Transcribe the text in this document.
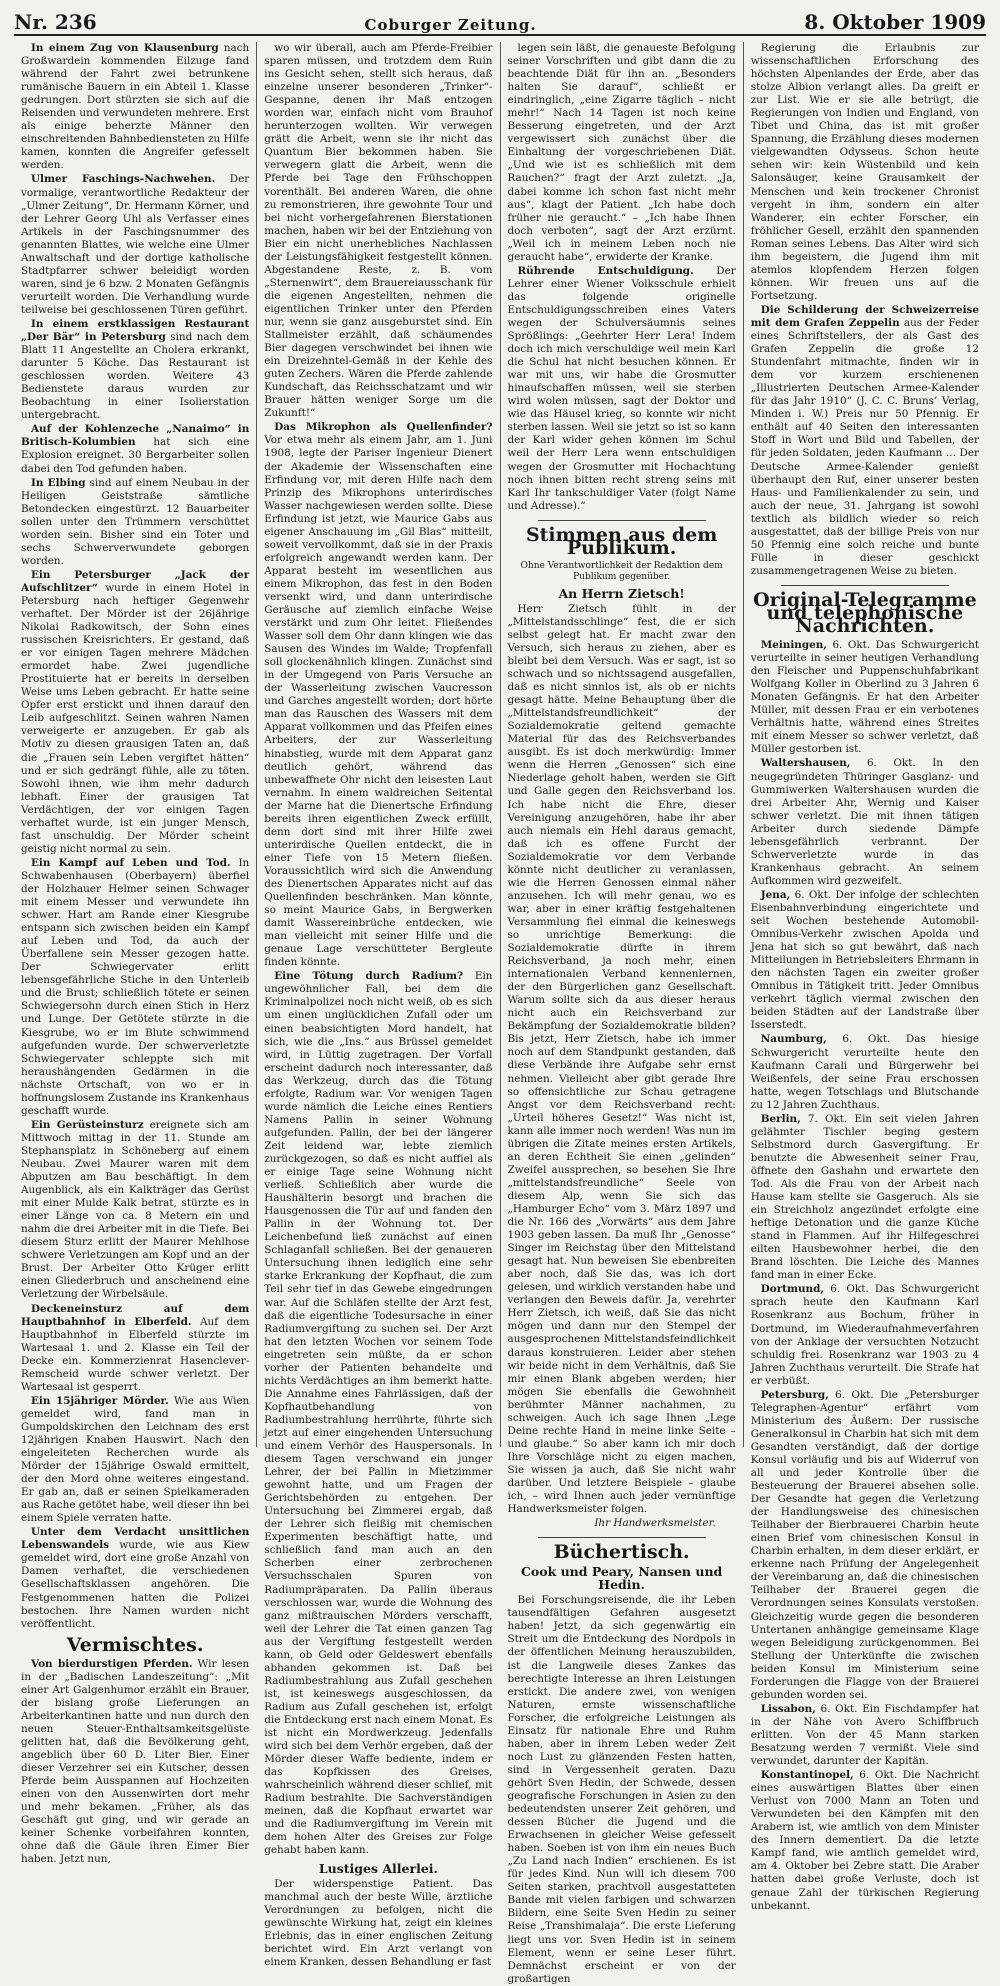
Nr. 236	Coburger Zeitung.	8. Oktober 1909

In einem Zug von Klausenburg nach Großwardein kommenden Eilzuge fand während der Fahrt zwei betrunkene rumänische Bauern in ein Abteil 1. Klasse gedrungen. Dort stürzten sie sich auf die Reisenden und verwundeten mehrere. Erst als einige beherzte Männer den einschreitenden Bahnbediensteten zu Hilfe kamen, konnten die Angreifer gefesselt werden.

Ulmer Faschings-Nachwehen. Der vormalige, verantwortliche Redakteur der „Ulmer Zeitung“, Dr. Hermann Körner, und der Lehrer Georg Uhl als Verfasser eines Artikels in der Faschingsnummer des genannten Blattes, wie welche eine Ulmer Anwaltschaft und der dortige katholische Stadtpfarrer schwer beleidigt worden waren, sind je 6 bzw. 2 Monaten Gefängnis verurteilt worden. Die Verhandlung wurde teilweise bei geschlossenen Türen geführt.

In einem erstklassigen Restaurant „Der Bär“ in Petersburg sind nach dem Blatt 11 Angestellte an Cholera erkrankt, darunter 5 Köche. Das Restaurant ist geschlossen worden. Weitere 43 Bedienstete daraus wurden zur Beobachtung in einer Isolierstation untergebracht.

Auf der Kohlenzeche „Nanaimo“ in Britisch-Kolumbien hat sich eine Explosion ereignet. 30 Bergarbeiter sollen dabei den Tod gefunden haben.

In Elbing sind auf einem Neubau in der Heiligen Geiststraße sämtliche Betondecken eingestürzt. 12 Bauarbeiter sollen unter den Trümmern verschüttet worden sein. Bisher sind ein Toter und sechs Schwerverwundete geborgen worden.

Ein Petersburger „Jack der Aufschlitzer“ wurde in einem Hotel in Petersburg nach heftiger Gegenwehr verhaftet. Der Mörder ist der 26jährige Nikolai Radkowitsch, der Sohn eines russischen Kreisrichters. Er gestand, daß er vor einigen Tagen mehrere Mädchen ermordet habe. Zwei jugendliche Prostituierte hat er bereits in derselben Weise ums Leben gebracht. Er hatte seine Opfer erst erstickt und ihnen darauf den Leib aufgeschlitzt. Seinen wahren Namen verweigerte er anzugeben. Er gab als Motiv zu diesen grausigen Taten an, daß die „Frauen sein Leben vergiftet hätten“ und er sich gedrängt fühle, alle zu töten. Sowohl ihnen, wie ihm mehr dadurch lebhaft. Einer der grausigen Tat Verdächtigen, der vor einigen Tagen verhaftet wurde, ist ein junger Mensch, fast unschuldig. Der Mörder scheint geistig nicht normal zu sein.

Ein Kampf auf Leben und Tod. In Schwabenhausen (Oberbayern) überfiel der Holzhauer Helmer seinen Schwager mit einem Messer und verwundete ihn schwer. Hart am Rande einer Kiesgrube entspann sich zwischen beiden ein Kampf auf Leben und Tod, da auch der Überfallene sein Messer gezogen hatte. Der Schwiegervater erlitt lebensgefährliche Stiche in den Unterleib und die Brust; schließlich tötete er seinen Schwiegersohn durch einen Stich in Herz und Lunge. Der Getötete stürzte in die Kiesgrube, wo er im Blute schwimmend aufgefunden wurde. Der schwerverletzte Schwiegervater schleppte sich mit heraushängenden Gedärmen in die nächste Ortschaft, von wo er in hoffnungslosem Zustande ins Krankenhaus geschafft wurde.

Ein Gerüsteinsturz ereignete sich am Mittwoch mittag in der 11. Stunde am Stephansplatz in Schöneberg auf einem Neubau. Zwei Maurer waren mit dem Abputzen am Bau beschäftigt. In dem Augenblick, als ein Kalkträger das Gerüst mit einer Mulde Kalk betrat, stürzte es in einer Länge von ca. 8 Metern ein und nahm die drei Arbeiter mit in die Tiefe. Bei diesem Sturz erlitt der Maurer Mehlhose schwere Verletzungen am Kopf und an der Brust. Der Arbeiter Otto Krüger erlitt einen Gliederbruch und anscheinend eine Verletzung der Wirbelsäule.

Deckeneinsturz auf dem Hauptbahnhof in Elberfeld. Auf dem Hauptbahnhof in Elberfeld stürzte im Wartesaal 1. und 2. Klasse ein Teil der Decke ein. Kommerzienrat Hasenclever-Remscheid wurde schwer verletzt. Der Wartesaal ist gesperrt.

Ein 15jähriger Mörder. Wie aus Wien gemeldet wird, fand man in Gumpoldskirchen den Leichnam des erst 12jährigen Knaben Hauswirt. Nach den eingeleiteten Recherchen wurde als Mörder der 15jährige Oswald ermittelt, der den Mord ohne weiteres eingestand. Er gab an, daß er seinen Spielkameraden aus Rache getötet habe, weil dieser ihn bei einem Spiele verraten hatte.

Unter dem Verdacht unsittlichen Lebenswandels wurde, wie aus Kiew gemeldet wird, dort eine große Anzahl von Damen verhaftet, die verschiedenen Gesellschaftsklassen angehören. Die Festgenommenen hatten die Polizei bestochen. Ihre Namen wurden nicht veröffentlicht.

Vermischtes.

Von bierdurstigen Pferden. Wir lesen in der „Badischen Landeszeitung“: „Mit einer Art Galgenhumor erzählt ein Brauer, der bislang große Lieferungen an Arbeiterkantinen hatte und nun durch den neuen Steuer-Enthaltsamkeitsgelüste gelitten hat, daß die Bevölkerung geht, angeblich über 60 D. Liter Bier. Einer dieser Verzehrer sei ein Kutscher, dessen Pferde beim Ausspannen auf Hochzeiten einen von den Aussenwirten dort mehr und mehr bekamen. „Früher, als das Geschäft gut ging, und wir gerade an keiner Schenke vorbeifahren konnten, ohne daß die Gäule ihren Eimer Bier haben. Jetzt nun,

wo wir überall, auch am Pferde-Freibier sparen müssen, und trotzdem dem Ruin ins Gesicht sehen, stellt sich heraus, daß einzelne unserer besonderen „Trinker“-Gespanne, denen ihr Maß entzogen worden war, einfach nicht vom Brauhof herunterzogen wollten. Wir verwegen grätt die Arbeit, wenn sie ihr nicht das Quantum Bier bekommen haben. Sie verwegern glatt die Arbeit, wenn die Pferde bei Tage den Frühschoppen vorenthält. Bei anderen Waren, die ohne zu remonstrieren, ihre gewohnte Tour und bei nicht vorhergefahrenen Bierstationen machen, haben wir bei der Entziehung von Bier ein nicht unerhebliches Nachlassen der Leistungsfähigkeit festgestellt können. Abgestandene Reste, z. B. vom „Sternenwirt“, dem Brauereiausschank für die eigenen Angestellten, nehmen die eigentlichen Trinker unter den Pferden nur, wenn sie ganz ausgeburstet sind. Ein Stallmeister erzählt, daß schäumendes Bier dagegen verschwindet bei ihnen wie ein Dreizehntel-Gemäß in der Kehle des guten Zechers. Wären die Pferde zahlende Kundschaft, das Reichsschatzamt und wir Brauer hätten weniger Sorge um die Zukunft!“

Das Mikrophon als Quellenfinder? Vor etwa mehr als einem Jahr, am 1. Juni 1908, legte der Pariser Ingenieur Dienert der Akademie der Wissenschaften eine Erfindung vor, mit deren Hilfe nach dem Prinzip des Mikrophons unterirdisches Wasser nachgewiesen werden sollte. Diese Erfindung ist jetzt, wie Maurice Gabs aus eigener Anschauung im „Gil Blas“ mitteilt, soweit vervollkommt, daß sie in der Praxis erfolgreich angewandt werden kann. Der Apparat besteht im wesentlichen aus einem Mikrophon, das fest in den Boden versenkt wird, und dann unterirdische Geräusche auf ziemlich einfache Weise verstärkt und zum Ohr leitet. Fließendes Wasser soll dem Ohr dann klingen wie das Sausen des Windes im Walde; Tropfenfall soll glockenähnlich klingen. Zunächst sind in der Umgegend von Paris Versuche an der Wasserleitung zwischen Vaucresson und Garches angestellt worden; dort hörte man das Rauschen des Wassers mit dem Apparat vollkommen und das Pfeifen eines Arbeiters, der zur Wasserleitung hinabstieg, wurde mit dem Apparat ganz deutlich gehört, während das unbewaffnete Ohr nicht den leisesten Laut vernahm. In einem waldreichen Seitental der Marne hat die Dienertsche Erfindung bereits ihren eigentlichen Zweck erfüllt, denn dort sind mit ihrer Hilfe zwei unterirdische Quellen entdeckt, die in einer Tiefe von 15 Metern fließen. Voraussichtlich wird sich die Anwendung des Dienertschen Apparates nicht auf das Quellenfinden beschränken. Man könnte, so meint Maurice Gabs, in Bergwerken damit Wassereinbrüche entdecken, wie man vielleicht mit seiner Hilfe und die genaue Lage verschütteter Bergleute finden könnte.

Eine Tötung durch Radium? Ein ungewöhnlicher Fall, bei dem die Kriminalpolizei noch nicht weiß, ob es sich um einen unglücklichen Zufall oder um einen beabsichtigten Mord handelt, hat sich, wie die „Ins.“ aus Brüssel gemeldet wird, in Lüttig zugetragen. Der Vorfall erscheint dadurch noch interessanter, daß das Werkzeug, durch das die Tötung erfolgte, Radium war. Vor wenigen Tagen wurde nämlich die Leiche eines Rentiers Namens Pallin in seiner Wohnung aufgefunden. Pallin, der bei der längerer Zeit leidend war, lebte ziemlich zurückgezogen, so daß es nicht auffiel als er einige Tage seine Wohnung nicht verließ. Schließlich aber wurde die Haushälterin besorgt und brachen die Hausgenossen die Tür auf und fanden den Pallin in der Wohnung tot. Der Leichenbefund ließ zunächst auf einen Schlaganfall schließen. Bei der genaueren Untersuchung ihnen lediglich eine sehr starke Erkrankung der Kopfhaut, die zum Teil sehr tief in das Gewebe eingedrungen war. Auf die Schläfen stellte der Arzt fest, daß die eigentliche Todesursache in einer Radiumvergiftung zu suchen sei. Der Arzt hat den letzten Wochen vor seinem Tode eingetreten sein müßte, da er schon vorher der Patienten behandelte und nichts Verdächtiges an ihm bemerkt hatte. Die Annahme eines Fahrlässigen, daß der Kopfhautbehandlung von Radiumbestrahlung herrührte, führte sich jetzt auf einer eingehenden Untersuchung und einem Verhör des Hauspersonals. In diesem Tagen verschwand ein junger Lehrer, der bei Pallin in Mietzimmer gewohnt hatte, und um Fragen der Gerichtsbehörden zu entgehen. Der Untersuchung bei Zimmerei ergab, daß der Lehrer sich fleißig mit chemischen Experimenten beschäftigt hatte, und schließlich fand man auch an den Scherben einer zerbrochenen Versuchsschalen Spuren von Radiumpräparaten. Da Pallin überaus verschlossen war, wurde die Wohnung des ganz mißtrauischen Mörders verschafft, weil der Lehrer die Tat einen ganzen Tag aus der Vergiftung festgestellt werden kann, ob Geld oder Geldeswert ebenfalls abhanden gekommen ist. Daß bei Radiumbestrahlung aus Zufall geschehen ist, ist keineswegs ausgeschlossen, da Radium aus Zufall geschehen ist, erfolgt die Entdeckung erst nach einem Monat. Es ist nicht ein Mordwerkzeug. Jedenfalls wird sich bei dem Verhör ergeben, daß der Mörder dieser Waffe bediente, indem er das Kopfkissen des Greises, wahrscheinlich während dieser schlief, mit Radium bestrahlte. Die Sachverständigen meinen, daß die Kopfhaut erwartet war und die Radiumvergiftung im Verein mit dem hohen Alter des Greises zur Folge gehabt haben kann.

Lustiges Allerlei.

Der widerspenstige Patient. Das manchmal auch der beste Wille, ärztliche Verordnungen zu befolgen, nicht die gewünschte Wirkung hat, zeigt ein kleines Erlebnis, das in einer englischen Zeitung berichtet wird. Ein Arzt verlangt von einem Kranken, dessen Behandlung er fast

legen sein läßt, die genaueste Befolgung seiner Vorschriften und gibt dann die zu beachtende Diät für ihn an. „Besonders halten Sie darauf“, schließt er eindringlich, „eine Zigarre täglich – nicht mehr!“ Nach 14 Tagen ist noch keine Besserung eingetreten, und der Arzt vergewissert sich zunächst über die Einhaltung der vorgeschriebenen Diät. „Und wie ist es schließlich mit dem Rauchen?“ fragt der Arzt zuletzt. „Ja, dabei komme ich schon fast nicht mehr aus“, klagt der Patient. „Ich habe doch früher nie geraucht.“ – „Ich habe Ihnen doch verboten“, sagt der Arzt erzürnt. „Weil ich in meinem Leben noch nie geraucht habe“, erwiderte der Kranke.

Rührende Entschuldigung. Der Lehrer einer Wiener Volksschule erhielt das folgende originelle Entschuldigungsschreiben eines Vaters wegen der Schulversäumnis seines Sprößlings: „Geehrter Herr Lera! Indem doch ich mich verschuldige weil mein Karl die Schul hat nicht besuchen können. Er war mit uns, wir habe die Grosmutter hinaufschaffen müssen, weil sie sterben wird wolen müssen, sagt der Doktor und wie das Häusel krieg, so konnte wir nicht sterben lassen. Weil sie jetzt so ist so kann der Karl wider gehen können im Schul weil der Herr Lera wenn entschuldigen wegen der Grosmutter mit Hochachtung noch ihnen bitten recht streng seins mit Karl Ihr tankschuldiger Vater (folgt Name und Adresse).“

Stimmen aus dem Publikum.

Ohne Verantwortlichkeit der Redaktion dem Publikum gegenüber.

An Herrn Zietsch!

Herr Zietsch fühlt in der „Mittelstandsschlinge“ fest, die er sich selbst gelegt hat. Er macht zwar den Versuch, sich heraus zu ziehen, aber es bleibt bei dem Versuch. Was er sagt, ist so schwach und so nichtssagend ausgefallen, daß es nicht sinnlos ist, als ob er nichts gesagt hätte. Meine Behauptung über die „Mittelstandsfreundlichkeit“ der Sozialdemokratie geltend gemachte Material für das des Reichsverbandes ausgibt. Es ist doch merkwürdig: Immer wenn die Herren „Genossen“ sich eine Niederlage geholt haben, werden sie Gift und Galle gegen den Reichsverband los. Ich habe nicht die Ehre, dieser Vereinigung anzugehören, habe ihr aber auch niemals ein Hehl daraus gemacht, daß ich es offene Furcht der Sozialdemokratie vor dem Verbande könnte nicht deutlicher zu veranlassen, wie die Herren Genossen einmal näher anzusehen. Ich will mehr genau, wo es war, aber in einer kräftig festgehaltenen Versammlung fiel einmal die keineswegs so unrichtige Bemerkung: die Sozialdemokratie dürfte in ihrem Reichsverband, ja noch mehr, einen internationalen Verband kennenlernen, der den Bürgerlichen ganz Gesellschaft. Warum sollte sich da aus dieser heraus nicht auch ein Reichsverband zur Bekämpfung der Sozialdemokratie bilden? Bis jetzt, Herr Zietsch, habe ich immer noch auf dem Standpunkt gestanden, daß diese Verbände ihre Aufgabe sehr ernst nehmen. Vielleicht aber gibt gerade Ihre so offensichtliche zur Schau getragene Angst vor dem Reichsverband recht: „Urteil höheres Gesetz!“ Was nicht ist, kann alle immer noch werden! Was nun im übrigen die Zitate meines ersten Artikels, an deren Echtheit Sie einen „gelinden“ Zweifel aussprechen, so besehen Sie Ihre „mittelstandsfreundliche“ Seele von diesem Alp, wenn Sie sich das „Hamburger Echo“ vom 3. März 1897 und die Nr. 166 des „Vorwärts“ aus dem Jahre 1903 geben lassen. Da muß Ihr „Genosse“ Singer im Reichstag über den Mittelstand gesagt hat. Nun beweisen Sie ebenbreiten aber noch, daß Sie das, was ich dort gelesen, und wirklich verstanden habe und verlangen den Beweis dafür. Ja, verehrter Herr Zietsch, ich weiß, daß Sie das nicht mögen und dann nur den Stempel der ausgesprochenen Mittelstandsfeindlichkeit daraus konstruieren. Leider aber stehen wir beide nicht in dem Verhältnis, daß Sie mir einen Blank abgeben werden; hier mögen Sie ebenfalls die Gewohnheit berühmter Männer nachahmen, zu schweigen. Auch ich sage Ihnen „Lege Deine rechte Hand in meine linke Seite – und glaube.“ So aber kann ich mir doch Ihre Vorschläge nicht zu eigen machen, Sie wissen ja auch, daß Sie nicht wahr darüber. Und letztere Beispiele – glaube ich, – wird Ihnen auch jeder vernünftige Handwerksmeister folgen.

Ihr Handwerksmeister.

Büchertisch.

Cook und Peary, Nansen und Hedin.

Bei Forschungsreisende, die ihr Leben tausendfältigen Gefahren ausgesetzt haben! Jetzt, da sich gegenwärtig ein Streit um die Entdeckung des Nordpols in der öffentlichen Meinung herauszubilden, ist die Langweile dieses Zankes das berechtigte Interesse an ihren Leistungen erstickt. Die andere zwei, von wenigen Naturen, ernste wissenschaftliche Forscher, die erfolgreiche Leistungen als Einsatz für nationale Ehre und Ruhm haben, aber in ihrem Leben weder Zeit noch Lust zu glänzenden Festen hatten, sind in Vergessenheit geraten. Dazu gehört Sven Hedin, der Schwede, dessen geografische Forschungen in Asien zu den bedeutendsten unserer Zeit gehören, und dessen Bücher die Jugend und die Erwachsenen in gleicher Weise gefesselt haben. Soeben ist von ihm ein neues Buch „Zu Land nach Indien“ erschienen. Es ist für jedes Kind. Nun will ich diesem 700 Seiten starken, prachtvoll ausgestatteten Bande mit vielen farbigen und schwarzen Bildern, eine Seite Sven Hedin zu seiner Reise „Transhimalaja“. Die erste Lieferung liegt uns vor. Sven Hedin ist in seinem Element, wenn er seine Leser führt. Demnächst erscheint er von der großartigen

Regierung die Erlaubnis zur wissenschaftlichen Erforschung des höchsten Alpenlandes der Erde, aber das stolze Albion verlangt alles. Da greift er zur List. Wie er sie alle betrügt, die Regierungen von Indien und England, von Tibet und China, das ist mit großer Spannung, die Erzählung dieses modernen vielgewandten Odysseus. Schon heute sehen wir: kein Wüstenbild und kein Salonsäuger, keine Grausamkeit der Menschen und kein trockener Chronist vergeht in ihm, sondern ein alter Wanderer, ein echter Forscher, ein fröhlicher Gesell, erzählt den spannenden Roman seines Lebens. Das Alter wird sich ihm begeistern, die Jugend ihm mit atemlos klopfendem Herzen folgen können. Wir freuen uns auf die Fortsetzung.

Die Schilderung der Schweizerreise mit dem Grafen Zeppelin aus der Feder eines Schriftstellers, der als Gast des Grafen Zeppelin die große 12 Stundenfahrt mitmachte, finden wir in dem vor kurzem erschienenen „Illustrierten Deutschen Armee-Kalender für das Jahr 1910“ (J. C. C. Bruns’ Verlag, Minden i. W.) Preis nur 50 Pfennig. Er enthält auf 40 Seiten den interessanten Stoff in Wort und Bild und Tabellen, der für jeden Soldaten, jeden Kaufmann ... Der Deutsche Armee-Kalender genießt überhaupt den Ruf, einer unserer besten Haus- und Familienkalender zu sein, und auch der neue, 31. Jahrgang ist sowohl textlich als bildlich wieder so reich ausgestattet, daß der billige Preis von nur 50 Pfennig eine solch reiche und bunte Fülle in dieser geschickt zusammengetragenen Weise zu bieten.

Original-Telegramme und telephonische Nachrichten.

Meiningen, 6. Okt. Das Schwurgericht verurteilte in seiner heutigen Verhandlung den Fleischer und Puppenschuhfabrikant Wolfgang Koller in Oberlind zu 3 Jahren 6 Monaten Gefängnis. Er hat den Arbeiter Müller, mit dessen Frau er ein verbotenes Verhältnis hatte, während eines Streites mit einem Messer so schwer verletzt, daß Müller gestorben ist.

Waltershausen, 6. Okt. In den neugegründeten Thüringer Gasglanz- und Gummiwerken Waltershausen wurden die drei Arbeiter Ahr, Wernig und Kaiser schwer verletzt. Die mit ihnen tätigen Arbeiter durch siedende Dämpfe lebensgefährlich verbrannt. Der Schwerverletzte wurde in das Krankenhaus gebracht. An seinem Aufkommen wird gezweifelt.

Jena, 6. Okt. Der infolge der schlechten Eisenbahnverbindung eingerichtete und seit Wochen bestehende Automobil-Omnibus-Verkehr zwischen Apolda und Jena hat sich so gut bewährt, daß nach Mitteilungen in Betriebsleiters Ehrmann in den nächsten Tagen ein zweiter großer Omnibus in Tätigkeit tritt. Jeder Omnibus verkehrt täglich viermal zwischen den beiden Städten auf der Landstraße über Isserstedt.

Naumburg, 6. Okt. Das hiesige Schwurgericht verurteilte heute den Kaufmann Carali und Bürgerwehr bei Weißenfels, der seine Frau erschossen hatte, wegen Totschlags und Blutschande zu 12 Jahren Zuchthaus.

Berlin, 7. Okt. Ein seit vielen Jahren gelähmter Tischler beging gestern Selbstmord durch Gasvergiftung. Er benutzte die Abwesenheit seiner Frau, öffnete den Gashahn und erwartete den Tod. Als die Frau von der Arbeit nach Hause kam stellte sie Gasgeruch. Als sie ein Streichholz angezündet erfolgte eine heftige Detonation und die ganze Küche stand in Flammen. Auf ihr Hilfegeschrei eilten Hausbewohner herbei, die den Brand löschten. Die Leiche des Mannes fand man in einer Ecke.

Dortmund, 6. Okt. Das Schwurgericht sprach heute den Kaufmann Karl Rosenkranz aus Bochum, früher in Dortmund, im Wiederaufnahmeverfahren von der Anklage der versuchten Notzucht schuldig frei. Rosenkranz war 1903 zu 4 Jahren Zuchthaus verurteilt. Die Strafe hat er verbüßt.

Petersburg, 6. Okt. Die „Petersburger Telegraphen-Agentur“ erfährt vom Ministerium des Äußern: Der russische Generalkonsul in Charbin hat sich mit dem Gesandten verständigt, daß der dortige Konsul vorläufig und bis auf Widerruf von all und jeder Kontrolle über die Besteuerung der Brauerei absehen solle. Der Gesandte hat gegen die Verletzung der Handlungsweise des chinesischen Teilhaber der Bierbrauerei Charbin heute einen Brief vom chinesischen Konsul in Charbin erhalten, in dem dieser erklärt, er erkenne nach Prüfung der Angelegenheit der Vereinbarung an, daß die chinesischen Teilhaber der Brauerei gegen die Verordnungen seines Konsulats verstoßen. Gleichzeitig wurde gegen die besonderen Untertanen anhängige gemeinsame Klage wegen Beleidigung zurückgenommen. Bei Stellung der Unterkünfte die zwischen beiden Konsul im Ministerium seine Forderungen die Flagge von der Brauerei gebunden worden sei.

Lissabon, 6. Okt. Ein Fischdampfer hat in der Nähe von Avero Schiffbruch erlitten. Von der 45 Mann starken Besatzung werden 7 vermißt. Viele sind verwundet, darunter der Kapitän.

Konstantinopel, 6. Okt. Die Nachricht eines auswärtigen Blattes über einen Verlust von 7000 Mann an Toten und Verwundeten bei den Kämpfen mit den Arabern ist, wie amtlich von dem Minister des Innern dementiert. Da die letzte Kampf fand, wie amtlich gemeldet wird, am 4. Oktober bei Zebre statt. Die Araber hatten dabei große Verluste, doch ist genaue Zahl der türkischen Regierung unbekannt.
